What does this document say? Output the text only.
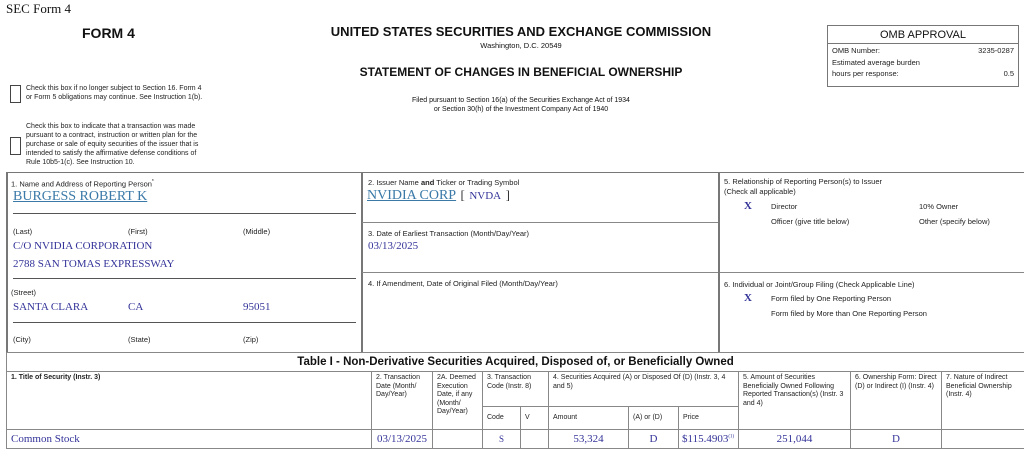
SEC Form 4
FORM 4	UNITED STATES SECURITIES AND EXCHANGE COMMISSION
Washington, D.C. 20549
STATEMENT OF CHANGES IN BENEFICIAL OWNERSHIP
Filed pursuant to Section 16(a) of the Securities Exchange Act of 1934
or Section 30(h) of the Investment Company Act of 1940
OMB APPROVAL
OMB Number:	3235-0287
Estimated average burden
hours per response:	0.5
Check this box if no longer subject to Section 16. Form 4
or Form 5 obligations may continue. See Instruction 1(b).
Check this box to indicate that a transaction was made
pursuant to a contract, instruction or written plan for the
purchase or sale of equity securities of the issuer that is
intended to satisfy the affirmative defense conditions of
Rule 10b5-1(c). See Instruction 10.
1. Name and Address of Reporting Person*
BURGESS ROBERT K
(Last)	(First)	(Middle)
C/O NVIDIA CORPORATION
2788 SAN TOMAS EXPRESSWAY
(Street)
SANTA CLARA	CA	95051
(City)	(State)	(Zip)
2. Issuer Name and Ticker or Trading Symbol
NVIDIA CORP [ NVDA ]
3. Date of Earliest Transaction (Month/Day/Year)
03/13/2025
4. If Amendment, Date of Original Filed (Month/Day/Year)
5. Relationship of Reporting Person(s) to Issuer
(Check all applicable)
X	Director	10% Owner
Officer (give title below)	Other (specify below)
6. Individual or Joint/Group Filing (Check Applicable Line)
X	Form filed by One Reporting Person
Form filed by More than One Reporting Person
Table I - Non-Derivative Securities Acquired, Disposed of, or Beneficially Owned										
1. Title of Security (Instr. 3)	2. Transaction Date (Month/ Day/Year)	2A. Deemed Execution Date, if any (Month/ Day/Year)	3. Transaction Code (Instr. 8)		4. Securities Acquired (A) or Disposed Of (D) (Instr. 3, 4 and 5)			5. Amount of Securities Beneficially Owned Following Reported Transaction(s) (Instr. 3 and 4)	6. Ownership Form: Direct (D) or Indirect (I) (Instr. 4)	7. Nature of Indirect Beneficial Ownership (Instr. 4)
			Code	V	Amount	(A) or (D)	Price			
Common Stock	03/13/2025		S		53,324	D	$115.4903$^{(1)}$	251,044	D	
